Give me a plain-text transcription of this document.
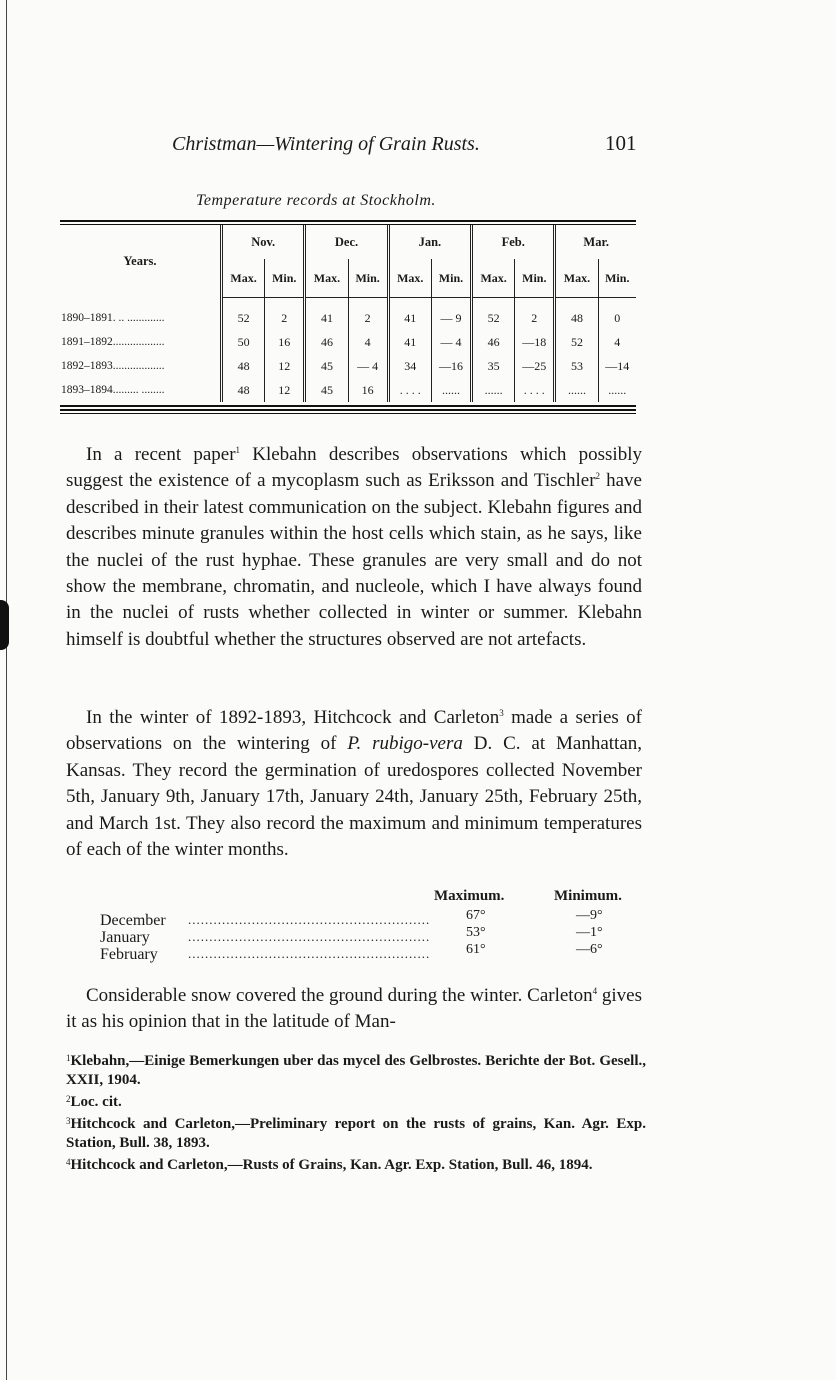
Christman—Wintering of Grain Rusts.	101
Temperature records at Stockholm.
Years.	Nov.		Dec.		Jan.		Feb.		Mar.	
	Max.	Min.	Max.	Min.	Max.	Min.	Max.	Min.	Max.	Min.
1890–1891. .. .............	52	2	41	2	41	— 9	52	2	48	0
1891–1892..................	50	16	46	4	41	— 4	46	—18	52	4
1892–1893..................	48	12	45	— 4	34	—16	35	—25	53	—14
1893–1894......... ........	48	12	45	16	. . . .	......	......	. . . .	......	......

In a recent paper$^1$ Klebahn describes observations which possibly suggest the existence of a mycoplasm such as Eriksson and Tischler$^2$ have described in their latest communication on the subject. Klebahn figures and describes minute granules within the host cells which stain, as he says, like the nuclei of the rust hyphae. These granules are very small and do not show the membrane, chromatin, and nucleole, which I have always found in the nuclei of rusts whether collected in winter or summer. Klebahn himself is doubtful whether the structures observed are not artefacts.

In the winter of 1892-1893, Hitchcock and Carleton$^3$ made a series of observations on the wintering of P. rubigo-vera D. C. at Manhattan, Kansas. They record the germination of uredospores collected November 5th, January 9th, January 17th, January 24th, January 25th, February 25th, and March 1st. They also record the maximum and minimum temperatures of each of the winter months.

Maximum.	Minimum.
December .........................................................	67°	—9°
January	.........................................................	53°	—1°
February .........................................................	61°	—6°

Considerable snow covered the ground during the winter. Carleton$^4$ gives it as his opinion that in the latitude of Man-

$^1$Klebahn,—Einige Bemerkungen uber das mycel des Gelbrostes. Berichte der Bot. Gesell., XXII, 1904.
$^2$Loc. cit.
$^3$Hitchcock and Carleton,—Preliminary report on the rusts of grains, Kan. Agr. Exp. Station, Bull. 38, 1893.
$^4$Hitchcock and Carleton,—Rusts of Grains, Kan. Agr. Exp. Station, Bull. 46, 1894.
